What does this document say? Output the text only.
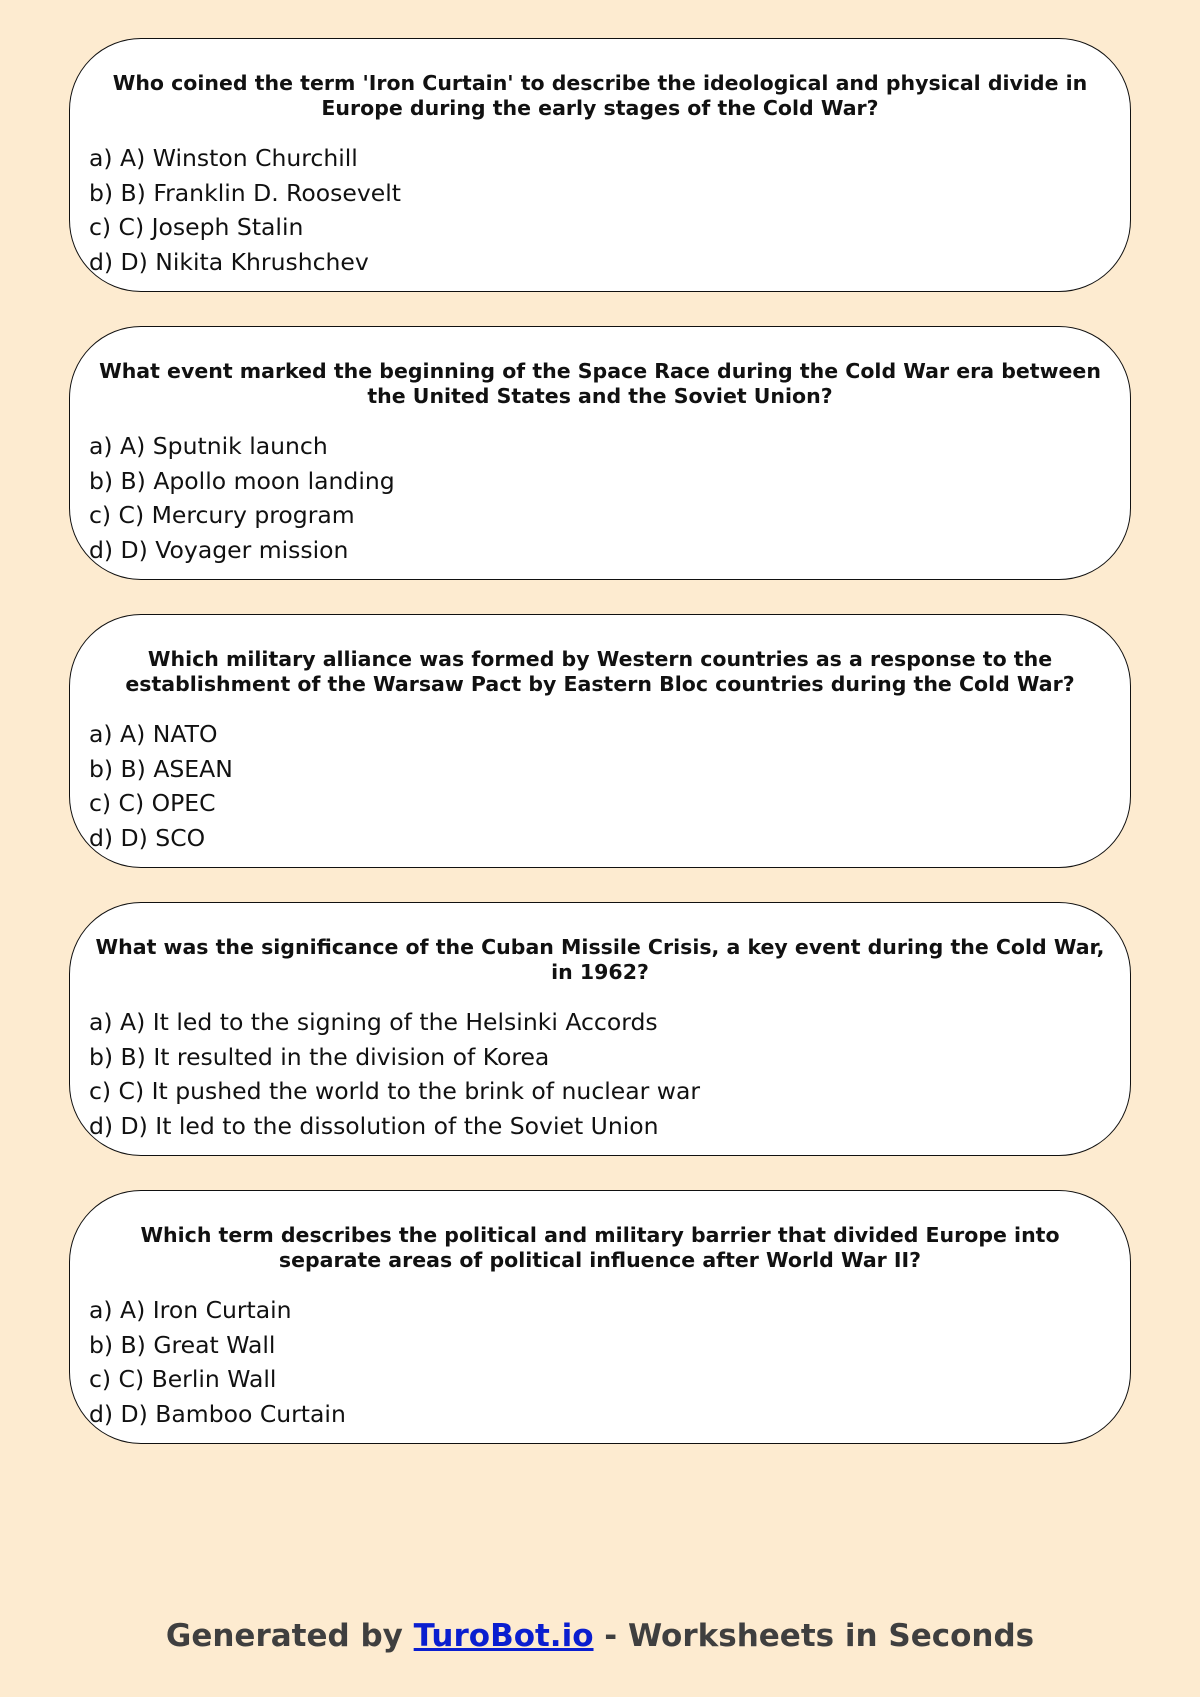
Who coined the term 'Iron Curtain' to describe the ideological and physical divide in Europe during the early stages of the Cold War?
a) A) Winston Churchill
b) B) Franklin D. Roosevelt
c) C) Joseph Stalin
d) D) Nikita Khrushchev
What event marked the beginning of the Space Race during the Cold War era between the United States and the Soviet Union?
a) A) Sputnik launch
b) B) Apollo moon landing
c) C) Mercury program
d) D) Voyager mission
Which military alliance was formed by Western countries as a response to the establishment of the Warsaw Pact by Eastern Bloc countries during the Cold War?
a) A) NATO
b) B) ASEAN
c) C) OPEC
d) D) SCO
What was the significance of the Cuban Missile Crisis, a key event during the Cold War, in 1962?
a) A) It led to the signing of the Helsinki Accords
b) B) It resulted in the division of Korea
c) C) It pushed the world to the brink of nuclear war
d) D) It led to the dissolution of the Soviet Union
Which term describes the political and military barrier that divided Europe into separate areas of political influence after World War II?
a) A) Iron Curtain
b) B) Great Wall
c) C) Berlin Wall
d) D) Bamboo Curtain
Generated by TuroBot.io - Worksheets in Seconds
